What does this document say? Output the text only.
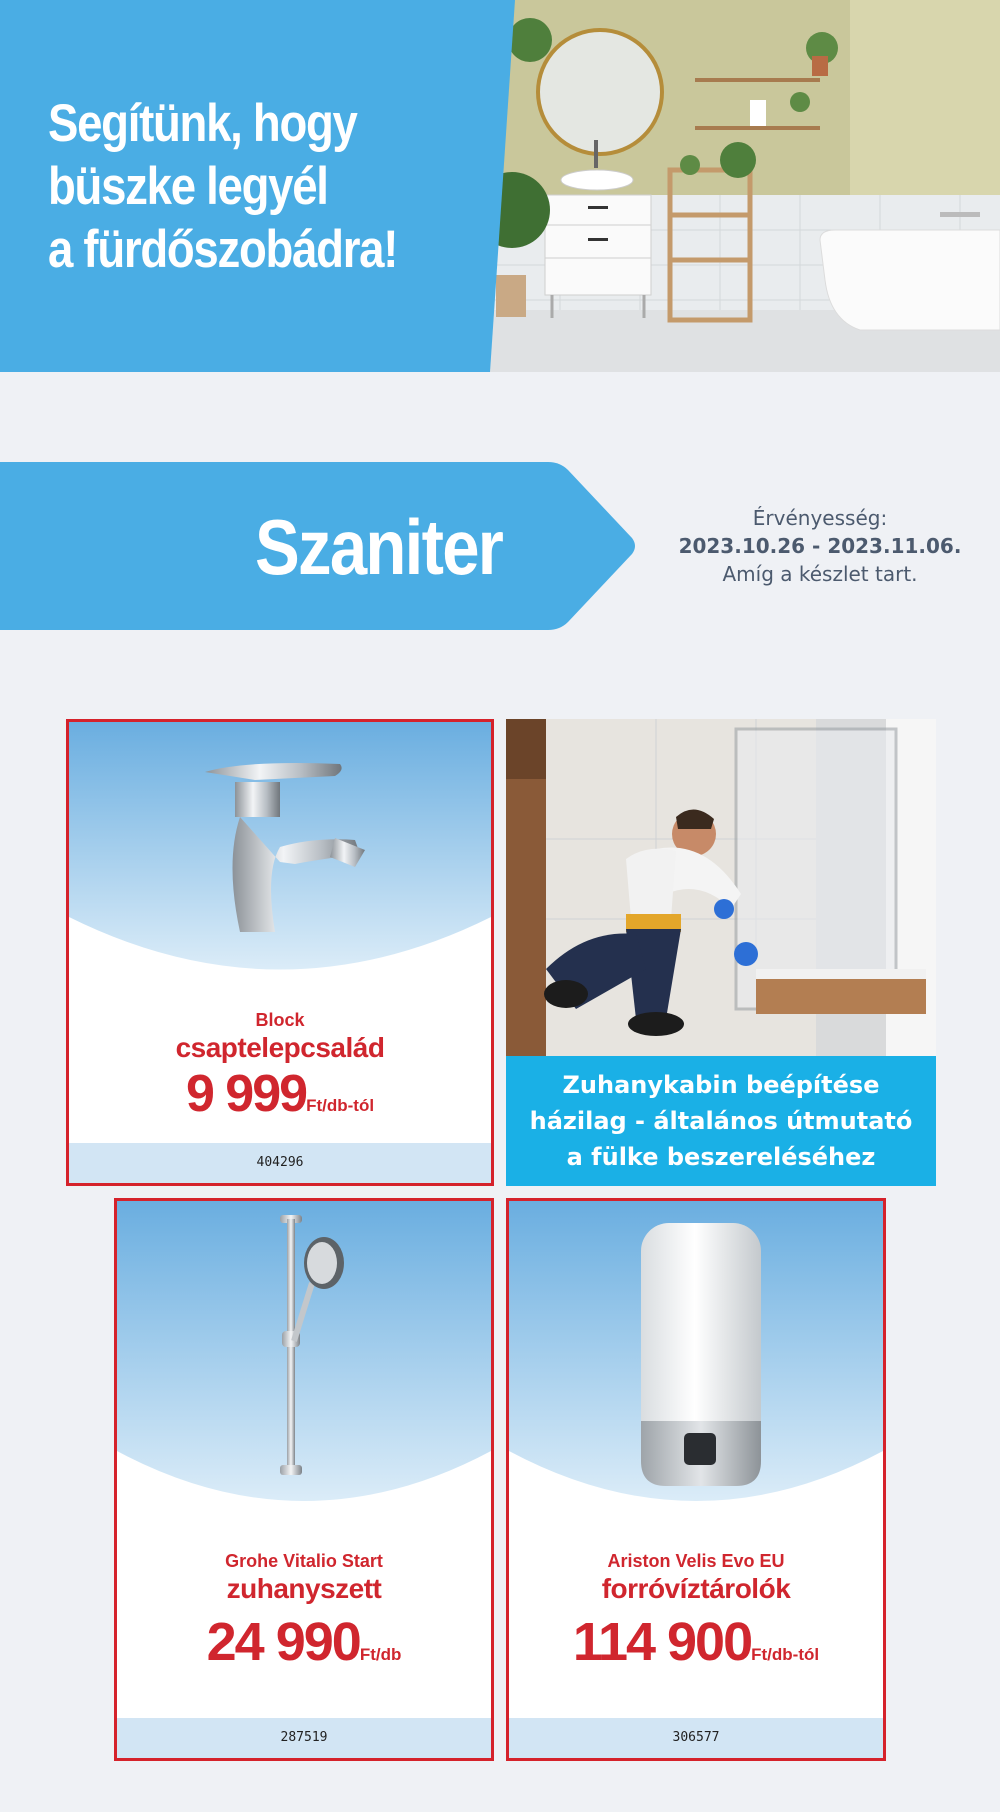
Segítünk, hogy
büszke legyél
a fürdőszobádra!
Szaniter	Érvényesség:
2023.10.26 - 2023.11.06.
Amíg a készlet tart.
Block
csaptelepcsalád
9 999Ft/db-tól
404296
Zuhanykabin beépítése
házilag - általános útmutató
a fülke beszereléséhez
Grohe Vitalio Start
zuhanyszett
24 990Ft/db
287519
Ariston Velis Evo EU
forróvíztárolók
114 900Ft/db-tól
306577
